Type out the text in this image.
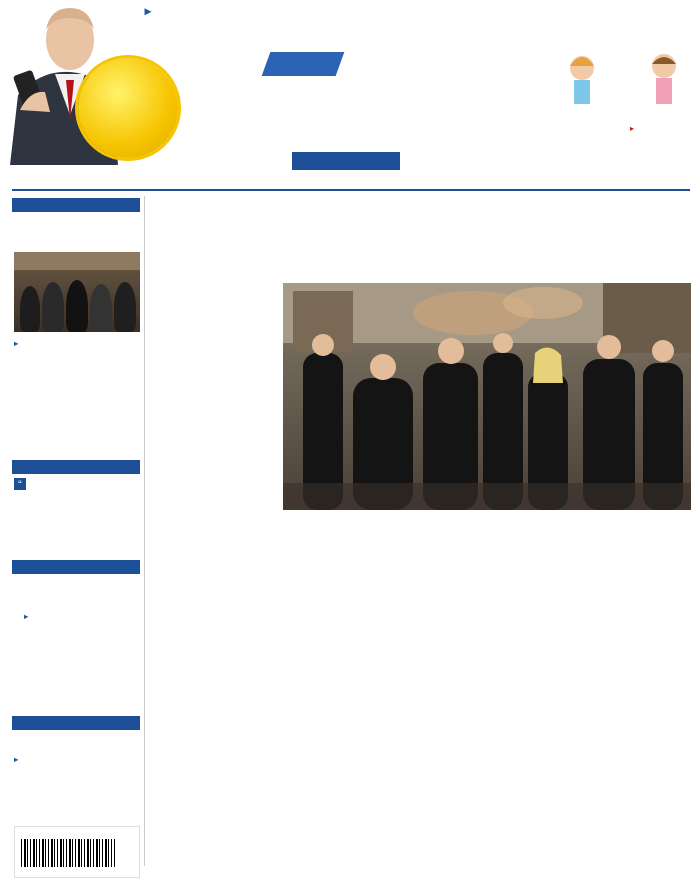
▸
▸
▸
“
▸
▸
